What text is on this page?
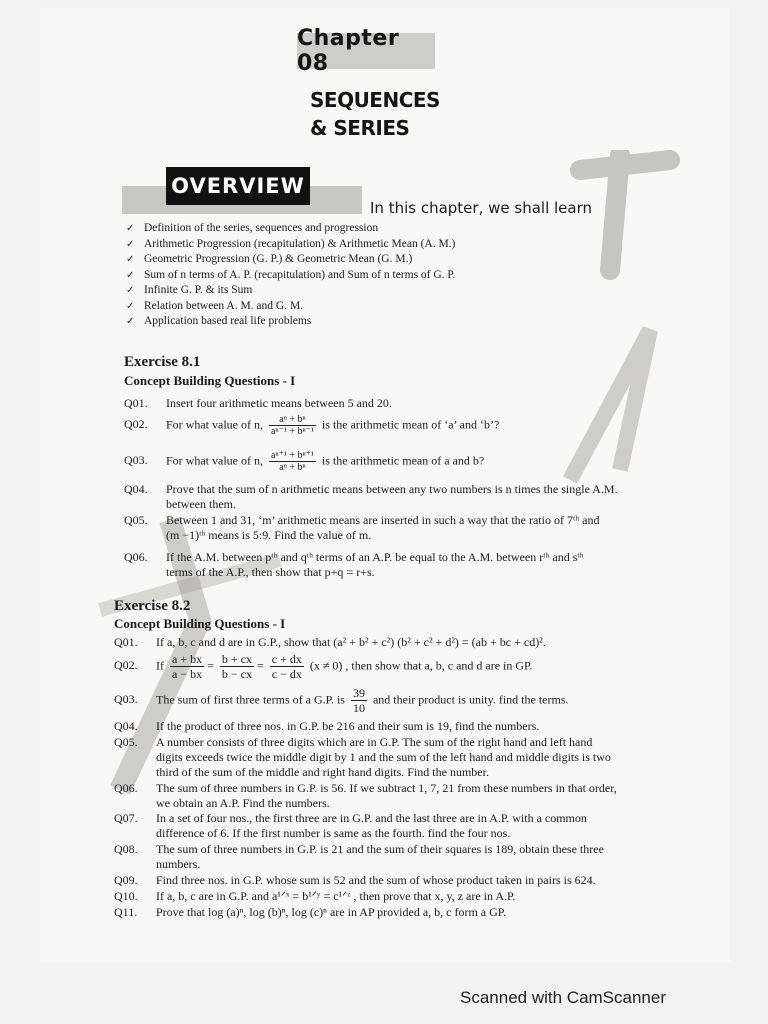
Chapter 08
SEQUENCES
& SERIES
OVERVIEW
In this chapter, we shall learn
✓ Definition of the series, sequences and progression
✓ Arithmetic Progression (recapitulation) & Arithmetic Mean (A. M.)
✓ Geometric Progression (G. P.) & Geometric Mean (G. M.)
✓ Sum of n terms of A. P. (recapitulation) and Sum of n terms of G. P.
✓ Infinite G. P. & its Sum
✓ Relation between A. M. and G. M.
✓ Application based real life problems
Exercise 8.1
Concept Building Questions - I
Q01. Insert four arithmetic means between 5 and 20.
Q02. For what value of n, $\frac{\text{aⁿ + bⁿ}}{\text{aⁿ⁻¹ + bⁿ⁻¹}}$ is the arithmetic mean of ‘a’ and ‘b’?
Q03. For what value of n, $\frac{\text{aⁿ⁺¹ + bⁿ⁺¹}}{\text{aⁿ + bⁿ}}$ is the arithmetic mean of a and b?
Q04. Prove that the sum of n arithmetic means between any two numbers is n times the single A.M.
between them.
Q05. Between 1 and 31, ‘m’ arithmetic means are inserted in such a way that the ratio of 7ᵗʰ and
(m −1)ᵗʰ means is 5:9. Find the value of m.
Q06. If the A.M. between pᵗʰ and qᵗʰ terms of an A.P. be equal to the A.M. between rᵗʰ and sᵗʰ
terms of the A.P., then show that p+q = r+s.
Exercise 8.2
Concept Building Questions - I
Q01. If a, b, c and d are in G.P., show that (a² + b² + c²) (b² + c² + d²) = (ab + bc + cd)².
Q02. If $\frac{a + bx}{a - bx} = \frac{b + cx}{b - cx} = \frac{c + dx}{c - dx} (x \ne 0)$ , then show that a, b, c and d are in GP.
Q03. The sum of first three terms of a G.P. is $\frac{39}{10}$ and their product is unity. find the terms.
Q04. If the product of three nos. in G.P. be 216 and their sum is 19, find the numbers.
Q05. A number consists of three digits which are in G.P. The sum of the right hand and left hand
digits exceeds twice the middle digit by 1 and the sum of the left hand and middle digits is two
third of the sum of the middle and right hand digits. Find the number.
Q06. The sum of three numbers in G.P. is 56. If we subtract 1, 7, 21 from these numbers in that order,
we obtain an A.P. Find the numbers.
Q07. In a set of four nos., the first three are in G.P. and the last three are in A.P. with a common
difference of 6. If the first number is same as the fourth. find the four nos.
Q08. The sum of three numbers in G.P. is 21 and the sum of their squares is 189, obtain these three
numbers.
Q09. Find three nos. in G.P. whose sum is 52 and the sum of whose product taken in pairs is 624.
Q10. If a, b, c are in G.P. and a¹ᐟˣ = b¹ᐟʸ = c¹ᐟᶻ , then prove that x, y, z are in A.P.
Q11. Prove that log (a)ⁿ, log (b)ⁿ, log (c)ⁿ are in AP provided a, b, c form a GP.
Scanned with CamScanner
